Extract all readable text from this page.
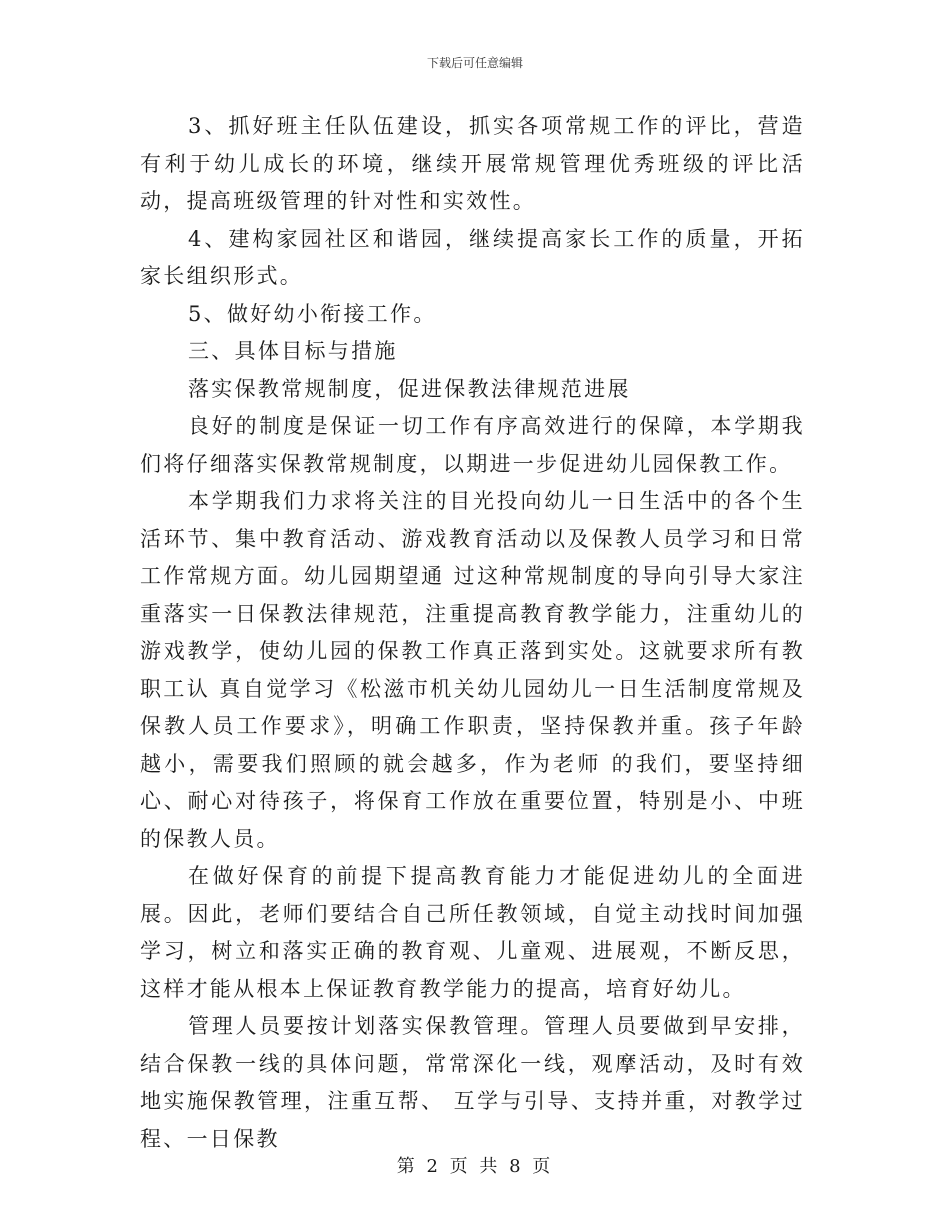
下载后可任意编辑

3、抓好班主任队伍建设，抓实各项常规工作的评比，营造有利于幼儿成长的环境，继续开展常规管理优秀班级的评比活动，提高班级管理的针对性和实效性。

4、建构家园社区和谐园，继续提高家长工作的质量，开拓家长组织形式。

5、做好幼小衔接工作。

三、具体目标与措施

落实保教常规制度，促进保教法律规范进展

良好的制度是保证一切工作有序高效进行的保障，本学期我们将仔细落实保教常规制度，以期进一步促进幼儿园保教工作。

本学期我们力求将关注的目光投向幼儿一日生活中的各个生活环节、集中教育活动、游戏教育活动以及保教人员学习和日常工作常规方面。幼儿园期望通 过这种常规制度的导向引导大家注重落实一日保教法律规范，注重提高教育教学能力，注重幼儿的游戏教学，使幼儿园的保教工作真正落到实处。这就要求所有教职工认 真自觉学习《松滋市机关幼儿园幼儿一日生活制度常规及保教人员工作要求》，明确工作职责，坚持保教并重。孩子年龄越小，需要我们照顾的就会越多，作为老师 的我们，要坚持细心、耐心对待孩子，将保育工作放在重要位置，特别是小、中班的保教人员。

在做好保育的前提下提高教育能力才能促进幼儿的全面进展。因此，老师们要结合自己所任教领域，自觉主动找时间加强学习，树立和落实正确的教育观、儿童观、进展观，不断反思，这样才能从根本上保证教育教学能力的提高，培育好幼儿。

管理人员要按计划落实保教管理。管理人员要做到早安排，结合保教一线的具体问题，常常深化一线，观摩活动，及时有效地实施保教管理，注重互帮、 互学与引导、支持并重，对教学过程、一日保教

第 2 页 共 8 页
